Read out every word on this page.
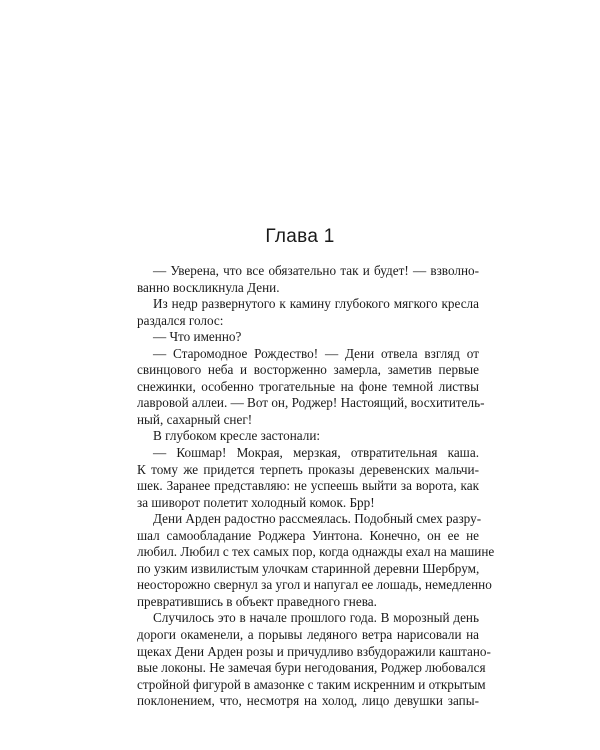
Глава 1
— Уверена, что все обязательно так и будет! — взволно-
ванно воскликнула Дени.
Из недр развернутого к камину глубокого мягкого кресла
раздался голос:
— Что именно?
— Старомодное Рождество! — Дени отвела взгляд от
свинцового неба и восторженно замерла, заметив первые
снежинки, особенно трогательные на фоне темной листвы
лавровой аллеи. — Вот он, Роджер! Настоящий, восхититель-
ный, сахарный снег!
В глубоком кресле застонали:
— Кошмар! Мокрая, мерзкая, отвратительная каша.
К тому же придется терпеть проказы деревенских мальчи-
шек. Заранее представляю: не успеешь выйти за ворота, как
за шиворот полетит холодный комок. Брр!
Дени Арден радостно рассмеялась. Подобный смех разру-
шал самообладание Роджера Уинтона. Конечно, он ее не
любил. Любил с тех самых пор, когда однажды ехал на машине
по узким извилистым улочкам старинной деревни Шербрум,
неосторожно свернул за угол и напугал ее лошадь, немедленно
превратившись в объект праведного гнева.
Случилось это в начале прошлого года. В морозный день
дороги окаменели, а порывы ледяного ветра нарисовали на
щеках Дени Арден розы и причудливо взбудоражили каштано-
вые локоны. Не замечая бури негодования, Роджер любовался
стройной фигурой в амазонке с таким искренним и открытым
поклонением, что, несмотря на холод, лицо девушки запы-
